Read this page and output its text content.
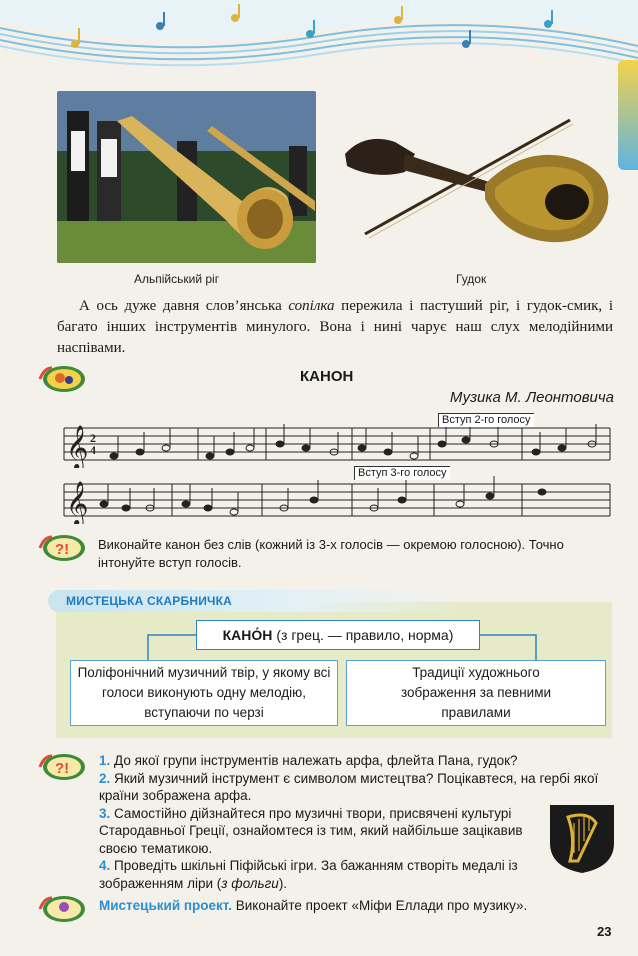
Альпійський ріг	Гудок

А ось дуже давня слов’янська сопілка пережила і пастуший ріг, і гудок-смик, і багато інших інструментів минулого. Вона і нині чарує наш слух мелодійними наспівами.

КАНОН
Музика М. Леонтовича
𝄞 2
4
Вступ 2-го голосу
𝄞
Вступ 3-го голосу
?! Виконайте канон без слів (кожний із 3-х голосів — окремою голосною). Точно інтонуйте вступ голосів.
МИСТЕЦЬКА СКАРБНИЧКА
КАНО́Н (з грец. — правило, норма)
Поліфонічний музичний твір, у якому всі голоси виконують одну мелодію, вступаючи по черзі
Традиції художнього зображення за певними правилами
?! 1. До якої групи інструментів належать арфа, флейта Пана, гудок?
2. Який музичний інструмент є символом мистецтва? Поцікавтеся, на гербі якої країни зображена арфа.
3. Самостійно дійзнайтеся про музичні твори, присвячені культурі Стародавньої Греції, ознайомтеся із тим, який найбільше зацікавив своєю тематикою.
4. Проведіть шкільні Піфійські ігри. За бажанням створіть медалі із зображенням ліри (з фольги).
Мистецький проект. Виконайте проект «Міфи Еллади про музику».
23
